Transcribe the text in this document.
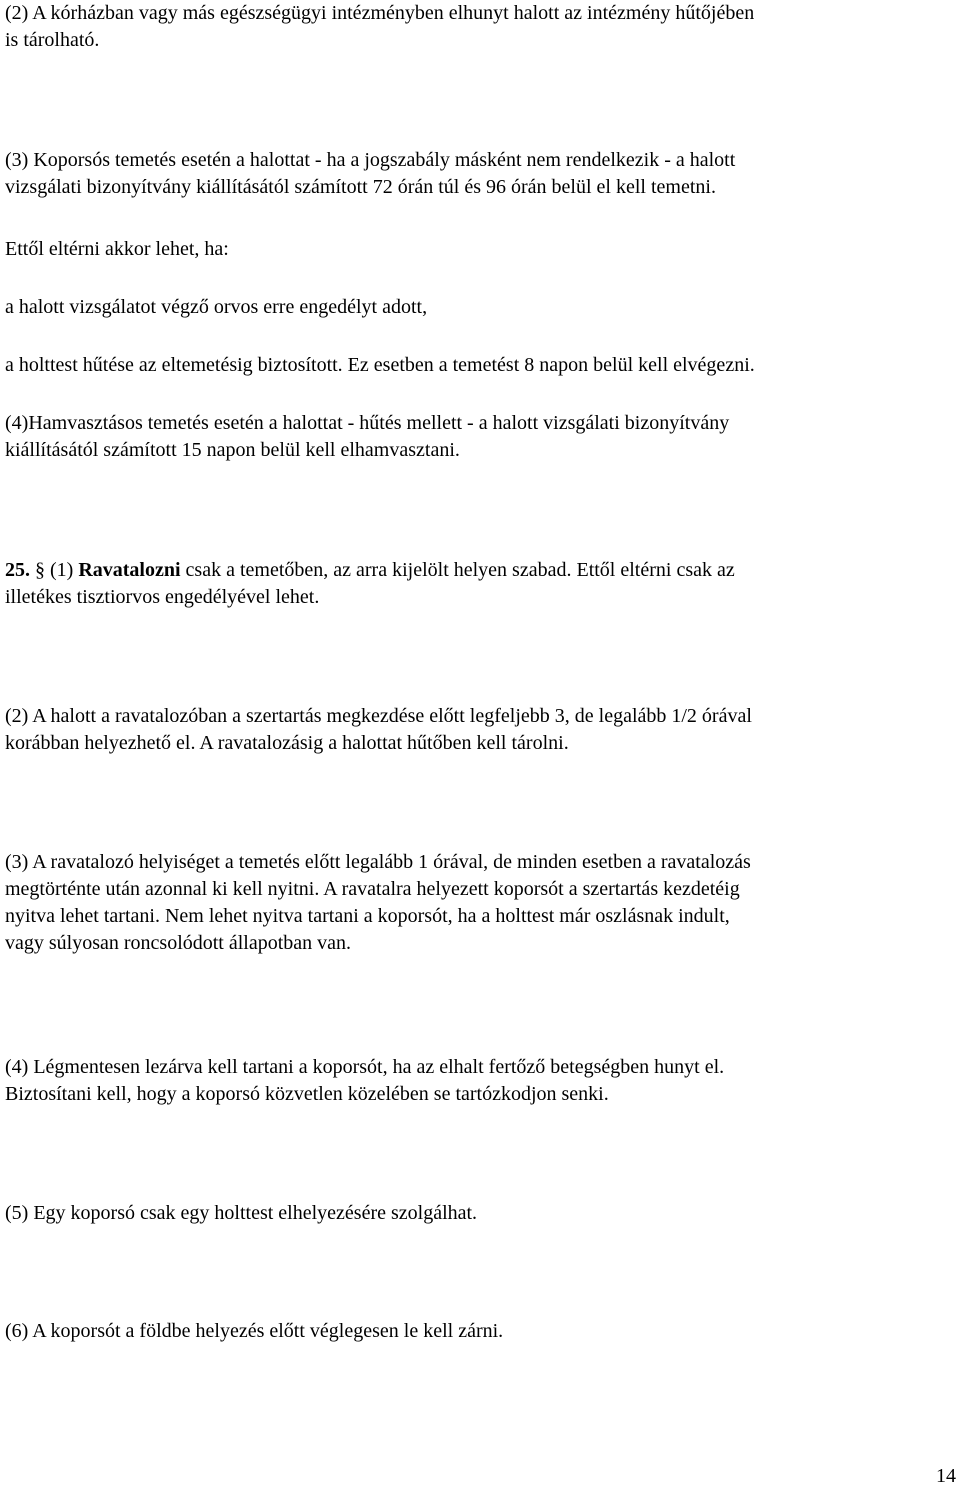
(2) A kórházban vagy más egészségügyi intézményben elhunyt halott az intézmény hűtőjében

is tárolható.

(3) Koporsós temetés esetén a halottat - ha a jogszabály másként nem rendelkezik - a halott

vizsgálati bizonyítvány kiállításától számított 72 órán túl és 96 órán belül el kell temetni.

Ettől eltérni akkor lehet, ha:

a halott vizsgálatot végző orvos erre engedélyt adott,

a holttest hűtése az eltemetésig biztosított. Ez esetben a temetést 8 napon belül kell elvégezni.

(4)Hamvasztásos temetés esetén a halottat - hűtés mellett - a halott vizsgálati bizonyítvány

kiállításától számított 15 napon belül kell elhamvasztani.

25. § (1) Ravatalozni csak a temetőben, az arra kijelölt helyen szabad. Ettől eltérni csak az

illetékes tisztiorvos engedélyével lehet.

(2) A halott a ravatalozóban a szertartás megkezdése előtt legfeljebb 3, de legalább 1/2 órával

korábban helyezhető el. A ravatalozásig a halottat hűtőben kell tárolni.

(3) A ravatalozó helyiséget a temetés előtt legalább 1 órával, de minden esetben a ravatalozás

megtörténte után azonnal ki kell nyitni. A ravatalra helyezett koporsót a szertartás kezdetéig

nyitva lehet tartani. Nem lehet nyitva tartani a koporsót, ha a holttest már oszlásnak indult,

vagy súlyosan roncsolódott állapotban van.

(4) Légmentesen lezárva kell tartani a koporsót, ha az elhalt fertőző betegségben hunyt el.

Biztosítani kell, hogy a koporsó közvetlen közelében se tartózkodjon senki.

(5) Egy koporsó csak egy holttest elhelyezésére szolgálhat.

(6) A koporsót a földbe helyezés előtt véglegesen le kell zárni.

14
